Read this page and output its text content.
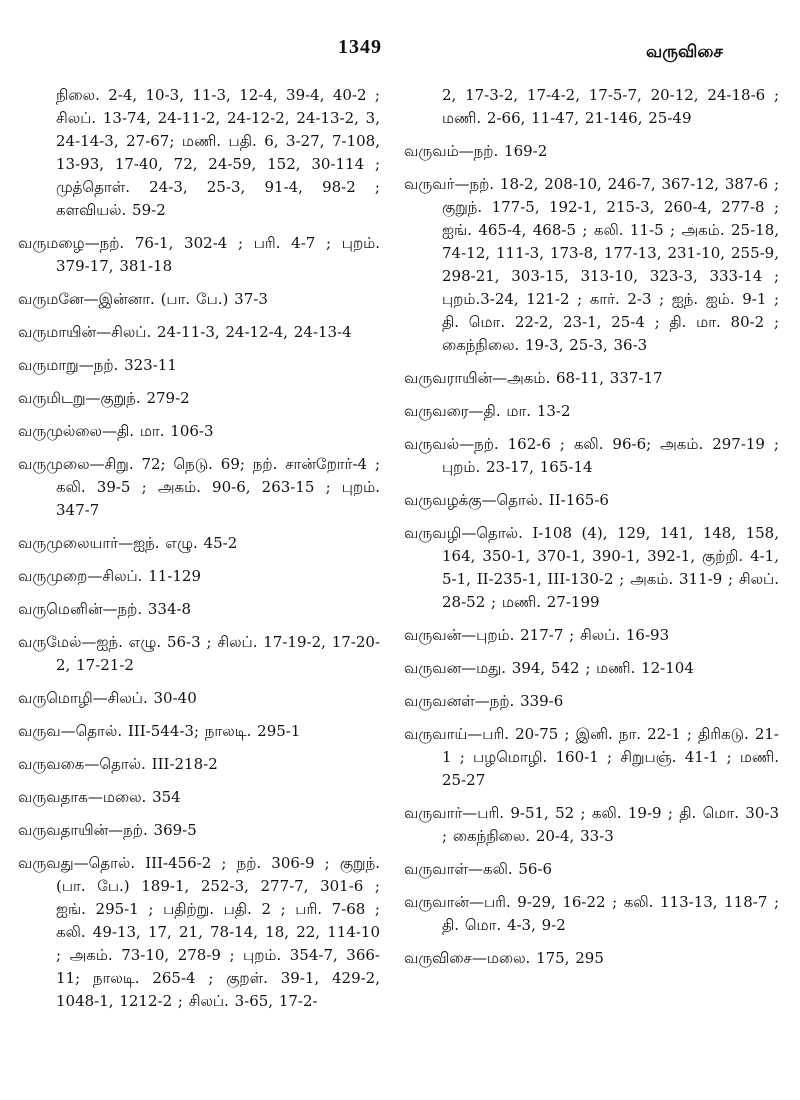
1349	வருவிசை

நிலை. 2-4, 10-3, 11-3, 12-4, 39-4, 40-2 ; சிலப். 13-74, 24-11-2, 24-12-2, 24-13-2, 3, 24-14-3, 27-67; மணி. பதி. 6, 3-27, 7-108, 13-93, 17-40, 72, 24-59, 152, 30-114 ; முத்தொள். 24-3, 25-3, 91-4, 98-2 ; களவியல். 59-2

வருமழை—நற். 76-1, 302-4 ; பரி. 4-7 ; புறம். 379-17, 381-18

வருமனே—இன்னா. (பா. பே.) 37-3

வருமாயின்—சிலப். 24-11-3, 24-12-4, 24-13-4

வருமாறு—நற். 323-11

வருமிடறு—குறுந். 279-2

வருமுல்லை—தி. மா. 106-3

வருமுலை—சிறு. 72; நெடு. 69; நற். சான்றோர்-4 ; கலி. 39-5 ; அகம். 90-6, 263-15 ; புறம். 347-7

வருமுலையார்—ஐந். எழு. 45-2

வருமுறை—சிலப். 11-129

வருமெனின்—நற். 334-8

வருமேல்—ஐந். எழு. 56-3 ; சிலப். 17-19-2, 17-20-2, 17-21-2

வருமொழி—சிலப். 30-40

வருவ—தொல். III-544-3; நாலடி. 295-1

வருவகை—தொல். III-218-2

வருவதாக—மலை. 354

வருவதாயின்—நற். 369-5

வருவது—தொல். III-456-2 ; நற். 306-9 ; குறுந். (பா. பே.) 189-1, 252-3, 277-7, 301-6 ; ஐங். 295-1 ; பதிற்று. பதி. 2 ; பரி. 7-68 ; கலி. 49-13, 17, 21, 78-14, 18, 22, 114-10 ; அகம். 73-10, 278-9 ; புறம். 354-7, 366-11; நாலடி. 265-4 ; குறள். 39-1, 429-2, 1048-1, 1212-2 ; சிலப். 3-65, 17-2-

2, 17-3-2, 17-4-2, 17-5-7, 20-12, 24-18-6 ; மணி. 2-66, 11-47, 21-146, 25-49

வருவம்—நற். 169-2

வருவர்—நற். 18-2, 208-10, 246-7, 367-12, 387-6 ; குறுந். 177-5, 192-1, 215-3, 260-4, 277-8 ; ஐங். 465-4, 468-5 ; கலி. 11-5 ; அகம். 25-18, 74-12, 111-3, 173-8, 177-13, 231-10, 255-9, 298-21, 303-15, 313-10, 323-3, 333-14 ; புறம்.3-24, 121-2 ; கார். 2-3 ; ஐந். ஐம். 9-1 ; தி. மொ. 22-2, 23-1, 25-4 ; தி. மா. 80-2 ; கைந்நிலை. 19-3, 25-3, 36-3

வருவராயின்—அகம். 68-11, 337-17

வருவரை—தி. மா. 13-2

வருவல்—நற். 162-6 ; கலி. 96-6; அகம். 297-19 ; புறம். 23-17, 165-14

வருவழக்கு—தொல். II-165-6

வருவழி—தொல். I-108 (4), 129, 141, 148, 158, 164, 350-1, 370-1, 390-1, 392-1, குற்றி. 4-1, 5-1, II-235-1, III-130-2 ; அகம். 311-9 ; சிலப். 28-52 ; மணி. 27-199

வருவன்—புறம். 217-7 ; சிலப். 16-93

வருவன—மது. 394, 542 ; மணி. 12-104

வருவனள்—நற். 339-6

வருவாய்—பரி. 20-75 ; இனி. நா. 22-1 ; திரிகடு. 21-1 ; பழமொழி. 160-1 ; சிறுபஞ். 41-1 ; மணி. 25-27

வருவார்—பரி. 9-51, 52 ; கலி. 19-9 ; தி. மொ. 30-3 ; கைந்நிலை. 20-4, 33-3

வருவாள்—கலி. 56-6

வருவான்—பரி. 9-29, 16-22 ; கலி. 113-13, 118-7 ; தி. மொ. 4-3, 9-2

வருவிசை—மலை. 175, 295
